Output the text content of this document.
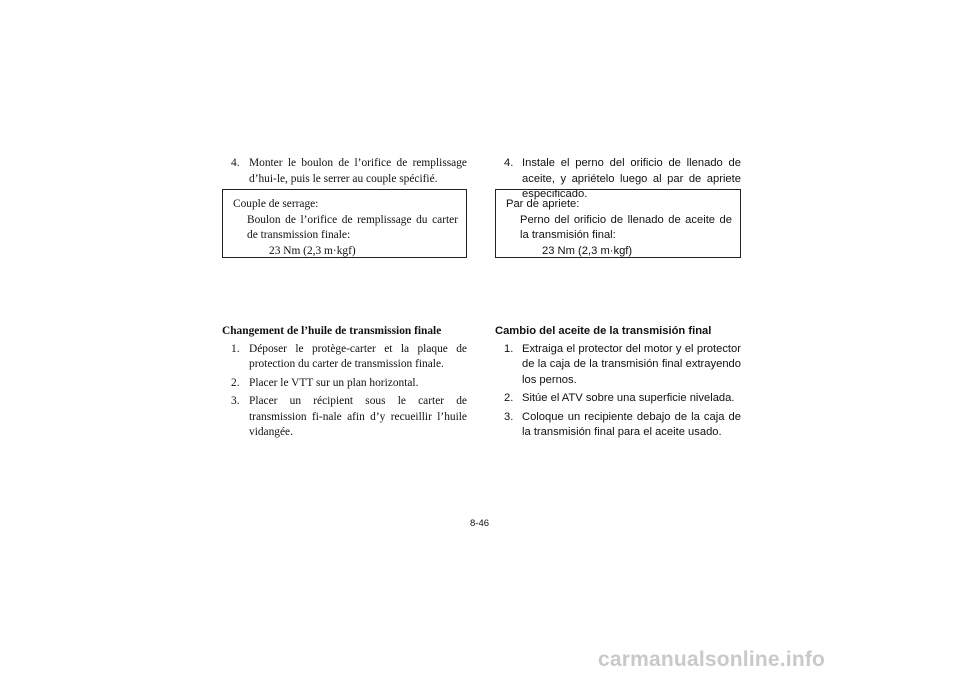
4. Monter le boulon de l’orifice de remplissage d’hui-le, puis le serrer au couple spécifié.
Couple de serrage:
Boulon de l’orifice de remplissage du carter de transmission finale:
23 Nm (2,3 m·kgf)
Changement de l’huile de transmission finale
1. Déposer le protège-carter et la plaque de protection du carter de transmission finale.
2. Placer le VTT sur un plan horizontal.
3. Placer un récipient sous le carter de transmission fi-nale afin d’y recueillir l’huile vidangée.
4. Instale el perno del orificio de llenado de aceite, y apriételo luego al par de apriete especificado.
Par de apriete:
Perno del orificio de llenado de aceite de la transmisión final:
23 Nm (2,3 m·kgf)
Cambio del aceite de la transmisión final
1. Extraiga el protector del motor y el protector de la caja de la transmisión final extrayendo los pernos.
2. Sitúe el ATV sobre una superficie nivelada.
3. Coloque un recipiente debajo de la caja de la transmisión final para el aceite usado.
8-46
carmanualsonline.info
